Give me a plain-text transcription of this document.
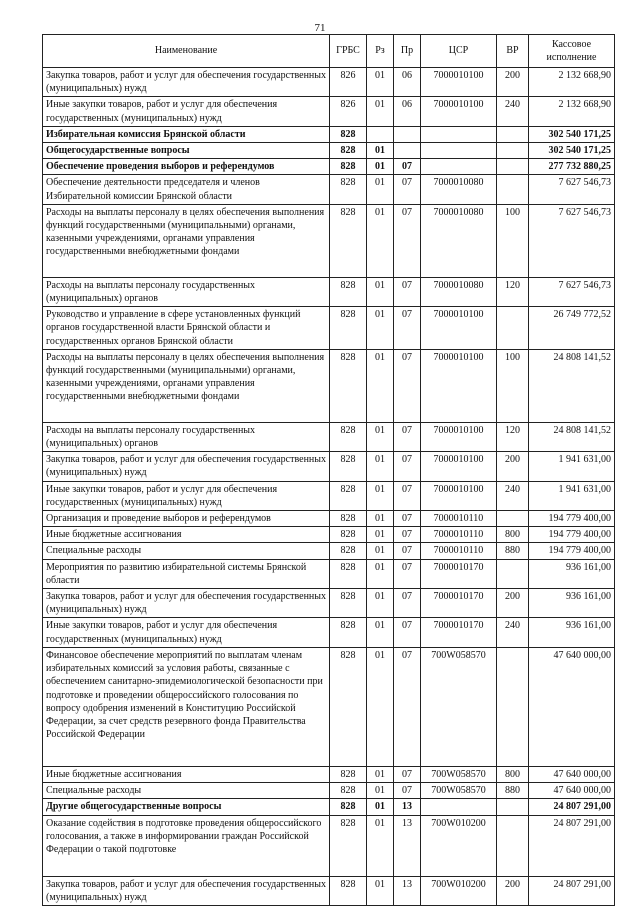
71
Наименование	ГРБС	Рз	Пр	ЦСР	ВР	Кассовое исполнение
Закупка товаров, работ и услуг для обеспечения государственных (муниципальных) нужд	826	01	06	7000010100	200	2 132 668,90
Иные закупки товаров, работ и услуг для обеспечения государственных (муниципальных) нужд	826	01	06	7000010100	240	2 132 668,90
Избирательная комиссия Брянской области	828					302 540 171,25
Общегосударственные вопросы	828	01				302 540 171,25
Обеспечение проведения выборов и референдумов	828	01	07			277 732 880,25
Обеспечение деятельности председателя и членов Избирательной комиссии Брянской области	828	01	07	7000010080		7 627 546,73
Расходы на выплаты персоналу в целях обеспечения выполнения функций государственными (муниципальными) органами, казенными учреждениями, органами управления государственными внебюджетными фондами	828	01	07	7000010080	100	7 627 546,73
Расходы на выплаты персоналу государственных (муниципальных) органов	828	01	07	7000010080	120	7 627 546,73
Руководство и управление в сфере установленных функций органов государственной власти Брянской области и государственных органов Брянской области	828	01	07	7000010100		26 749 772,52
Расходы на выплаты персоналу в целях обеспечения выполнения функций государственными (муниципальными) органами, казенными учреждениями, органами управления государственными внебюджетными фондами	828	01	07	7000010100	100	24 808 141,52
Расходы на выплаты персоналу государственных (муниципальных) органов	828	01	07	7000010100	120	24 808 141,52
Закупка товаров, работ и услуг для обеспечения государственных (муниципальных) нужд	828	01	07	7000010100	200	1 941 631,00
Иные закупки товаров, работ и услуг для обеспечения государственных (муниципальных) нужд	828	01	07	7000010100	240	1 941 631,00
Организация и проведение выборов и референдумов	828	01	07	7000010110		194 779 400,00
Иные бюджетные ассигнования	828	01	07	7000010110	800	194 779 400,00
Специальные расходы	828	01	07	7000010110	880	194 779 400,00
Мероприятия по развитию избирательной системы Брянской области	828	01	07	7000010170		936 161,00
Закупка товаров, работ и услуг для обеспечения государственных (муниципальных) нужд	828	01	07	7000010170	200	936 161,00
Иные закупки товаров, работ и услуг для обеспечения государственных (муниципальных) нужд	828	01	07	7000010170	240	936 161,00
Финансовое обеспечение мероприятий по выплатам членам избирательных комиссий за условия работы, связанные с обеспечением санитарно-эпидемиологической безопасности при подготовке и проведении общероссийского голосования по вопросу одобрения изменений в Конституцию Российской Федерации, за счет средств резервного фонда Правительства Российской Федерации	828	01	07	700W058570		47 640 000,00
Иные бюджетные ассигнования	828	01	07	700W058570	800	47 640 000,00
Специальные расходы	828	01	07	700W058570	880	47 640 000,00
Другие общегосударственные вопросы	828	01	13			24 807 291,00
Оказание содействия в подготовке проведения общероссийского голосования, а также в информировании граждан Российской Федерации о такой подготовке	828	01	13	700W010200		24 807 291,00
Закупка товаров, работ и услуг для обеспечения государственных (муниципальных) нужд	828	01	13	700W010200	200	24 807 291,00
